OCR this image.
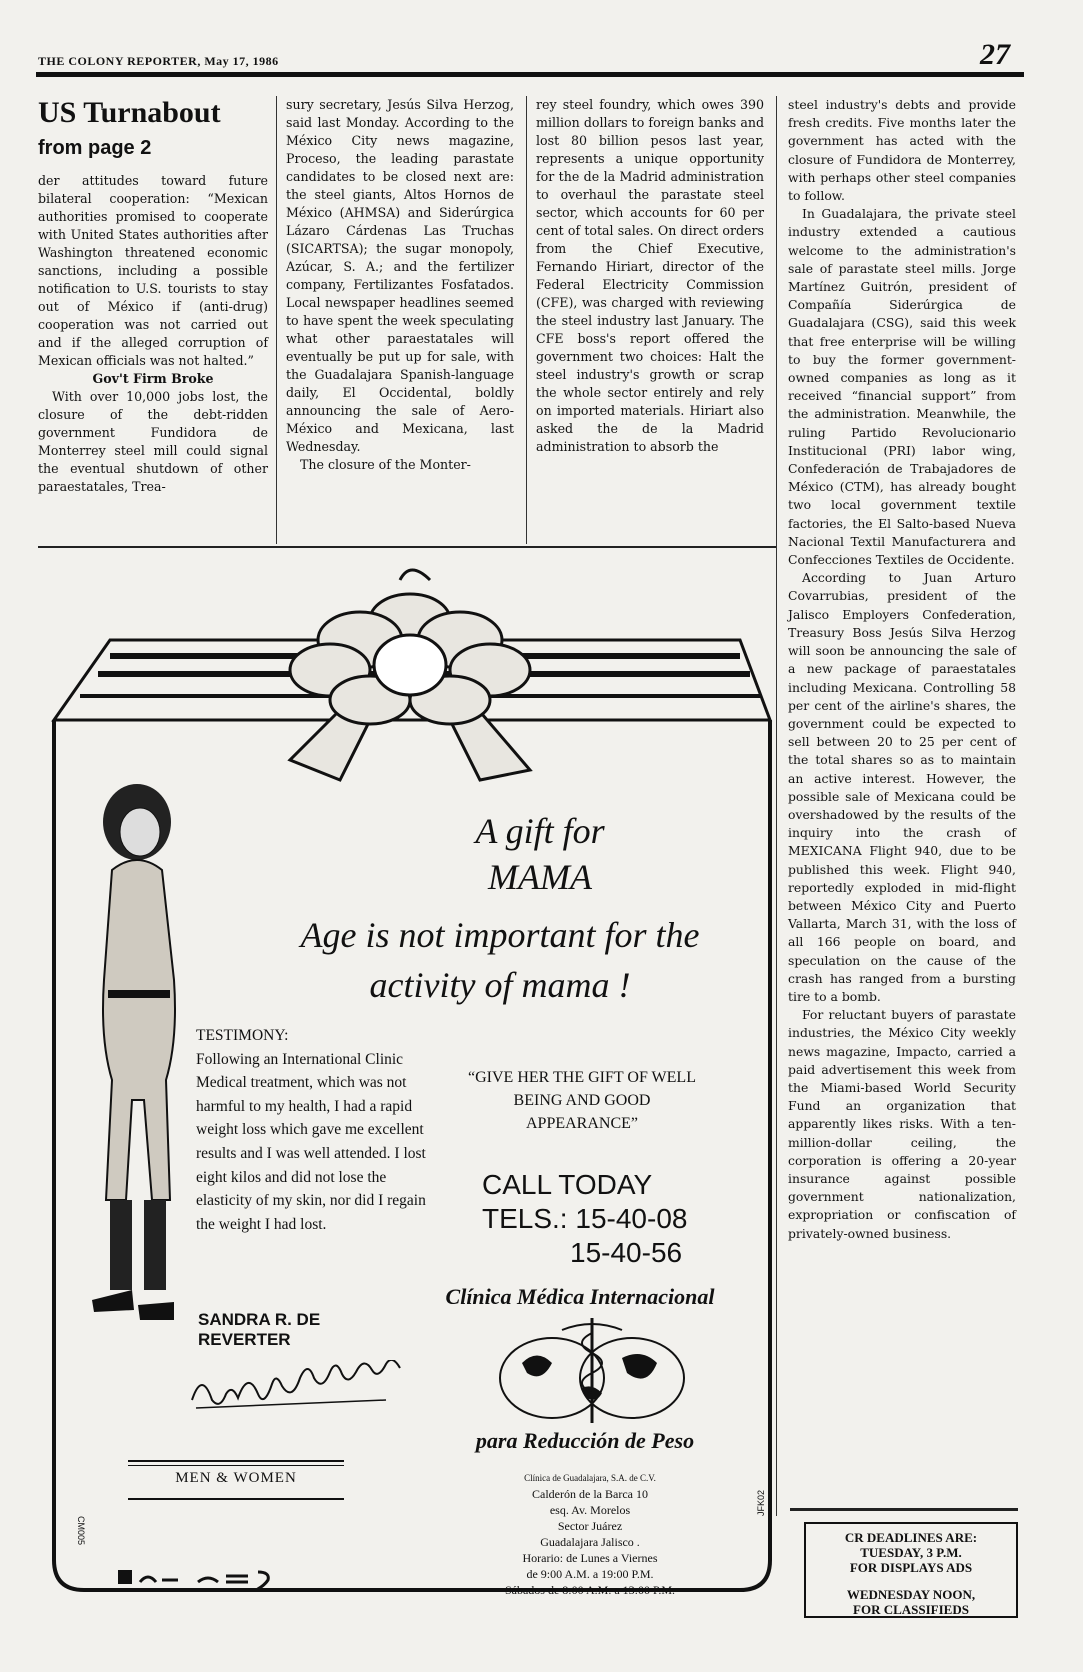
THE COLONY REPORTER, May 17, 1986	27
US Turnabout
from page 2

der attitudes toward future bilateral cooperation: “Mexican authorities promised to cooperate with United States authorities after Washington threatened economic sanctions, including a possible notification to U.S. tourists to stay out of México if (anti-drug) cooperation was not carried out and if the alleged corruption of Mexican officials was not halted.”

Gov't Firm Broke

With over 10,000 jobs lost, the closure of the debt-ridden government Fundidora de Monterrey steel mill could signal the eventual shutdown of other paraestatales, Trea-

sury secretary, Jesús Silva Herzog, said last Monday. According to the México City news magazine, Proceso, the leading parastate candidates to be closed next are: the steel giants, Altos Hornos de México (AHMSA) and Siderúrgica Lázaro Cárdenas Las Truchas (SICARTSA); the sugar monopoly, Azúcar, S. A.; and the fertilizer company, Fertilizantes Fosfatados. Local newspaper headlines seemed to have spent the week speculating what other paraestatales will eventually be put up for sale, with the Guadalajara Spanish-language daily, El Occidental, boldly announcing the sale of Aero-México and Mexicana, last Wednesday.

The closure of the Monter-

rey steel foundry, which owes 390 million dollars to foreign banks and lost 80 billion pesos last year, represents a unique opportunity for the de la Madrid administration to overhaul the parastate steel sector, which accounts for 60 per cent of total sales. On direct orders from the Chief Executive, Fernando Hiriart, director of the Federal Electricity Commission (CFE), was charged with reviewing the steel industry last January. The CFE boss's report offered the government two choices: Halt the steel industry's growth or scrap the whole sector entirely and rely on imported materials. Hiriart also asked the de la Madrid administration to absorb the

steel industry's debts and provide fresh credits. Five months later the government has acted with the closure of Fundidora de Monterrey, with perhaps other steel companies to follow.

In Guadalajara, the private steel industry extended a cautious welcome to the administration's sale of parastate steel mills. Jorge Martínez Guitrón, president of Compañía Siderúrgica de Guadalajara (CSG), said this week that free enterprise will be willing to buy the former government-owned companies as long as it received “financial support” from the administration. Meanwhile, the ruling Partido Revolucionario Institucional (PRI) labor wing, Confederación de Trabajadores de México (CTM), has already bought two local government textile factories, the El Salto-based Nueva Nacional Textil Manufacturera and Confecciones Textiles de Occidente.

According to Juan Arturo Covarrubias, president of the Jalisco Employers Confederation, Treasury Boss Jesús Silva Herzog will soon be announcing the sale of a new package of paraestatales including Mexicana. Controlling 58 per cent of the airline's shares, the government could be expected to sell between 20 to 25 per cent of the total shares so as to maintain an active interest. However, the possible sale of Mexicana could be overshadowed by the results of the inquiry into the crash of MEXICANA Flight 940, due to be published this week. Flight 940, reportedly exploded in mid-flight between México City and Puerto Vallarta, March 31, with the loss of all 166 people on board, and speculation on the cause of the crash has ranged from a bursting tire to a bomb.

For reluctant buyers of parastate industries, the México City weekly news magazine, Impacto, carried a paid advertisement this week from the Miami-based World Security Fund an organization that apparently likes risks. With a ten-million-dollar ceiling, the corporation is offering a 20-year insurance against possible government nationalization, expropriation or confiscation of privately-owned business.

A gift for
MAMA
Age is not important for the
activity of mama !
TESTIMONY:
Following an International Clinic Medical treatment, which was not harmful to my health, I had a rapid weight loss which gave me excellent results and I was well attended. I lost eight kilos and did not lose the elasticity of my skin, nor did I regain the weight I had lost.
“GIVE HER THE GIFT OF WELL BEING AND GOOD APPEARANCE”
CALL TODAY
TELS.: 15-40-08
15-40-56
Clínica Médica Internacional
para Reducción de Peso
Clínica de Guadalajara, S.A. de C.V.
Calderón de la Barca 10
esq. Av. Morelos
Sector Juárez
Guadalajara Jalisco .
Horario: de Lunes a Viernes
de 9:00 A.M. a 19:00 P.M.
Sábados de 8:00 A.M. a 13:00 P.M.
SANDRA R. DE
REVERTER
MEN & WOMEN
CM005
JFK02
CR DEADLINES ARE:
TUESDAY, 3 P.M.
FOR DISPLAYS ADS
WEDNESDAY NOON,
FOR CLASSIFIEDS
